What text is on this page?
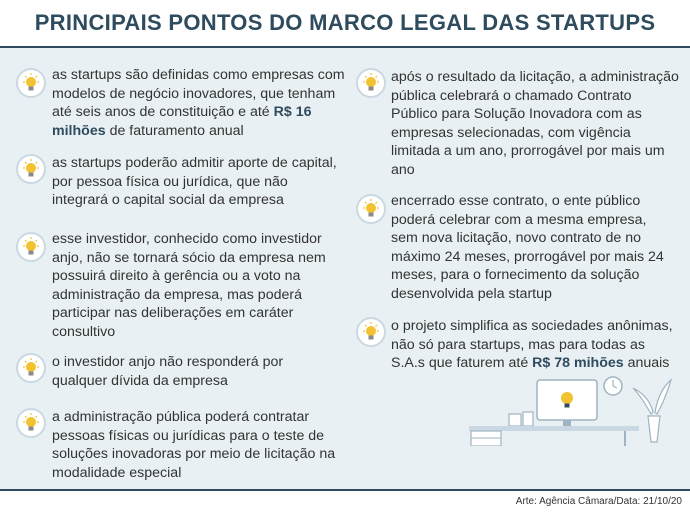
PRINCIPAIS PONTOS DO MARCO LEGAL DAS STARTUPS
as startups são definidas como empresas com modelos de negócio inovadores, que tenham até seis anos de constituição e até R$ 16 milhões de faturamento anual
as startups poderão admitir aporte de capital, por pessoa física ou jurídica, que não integrará o capital social da empresa
esse investidor, conhecido como investidor anjo, não se tornará sócio da empresa nem possuirá direito à gerência ou a voto na administração da empresa, mas poderá participar nas deliberações em caráter consultivo
o investidor anjo não responderá por qualquer dívida da empresa
a administração pública poderá contratar pessoas físicas ou jurídicas para o teste de soluções inovadoras por meio de licitação na modalidade especial
após o resultado da licitação, a administração pública celebrará o chamado Contrato Público para Solução Inovadora com as empresas selecionadas, com vigência limitada a um ano, prorrogável por mais um ano
encerrado esse contrato, o ente público poderá celebrar com a mesma empresa, sem nova licitação, novo contrato de no máximo 24 meses, prorrogável por mais 24 meses, para o fornecimento da solução desenvolvida pela startup
o projeto simplifica as sociedades anônimas, não só para startups, mas para todas as S.A.s que faturem até R$ 78 mihões anuais
Arte: Agência Câmara/Data: 21/10/20
